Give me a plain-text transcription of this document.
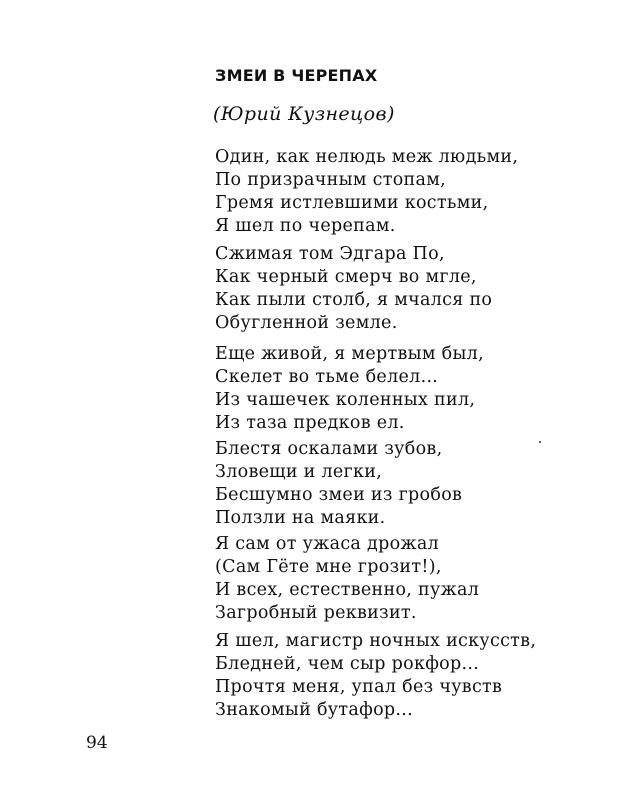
ЗМЕИ В ЧЕРЕПАХ
(Юрий Кузнецов)
Один, как нелюдь меж людьми,
По призрачным стопам,
Гремя истлевшими костьми,
Я шел по черепам.
Сжимая том Эдгара По,
Как черный смерч во мгле,
Как пыли столб, я мчался по
Обугленной земле.
Еще живой, я мертвым был,
Скелет во тьме белел...
Из чашечек коленных пил,
Из таза предков ел.
Блестя оскалами зубов,
Зловещи и легки,
Бесшумно змеи из гробов
Ползли на маяки.
Я сам от ужаса дрожал
(Сам Гёте мне грозит!),
И всех, естественно, пужал
Загробный реквизит.
Я шел, магистр ночных искусств,
Бледней, чем сыр рокфор...
Прочтя меня, упал без чувств
Знакомый бутафор...
94
